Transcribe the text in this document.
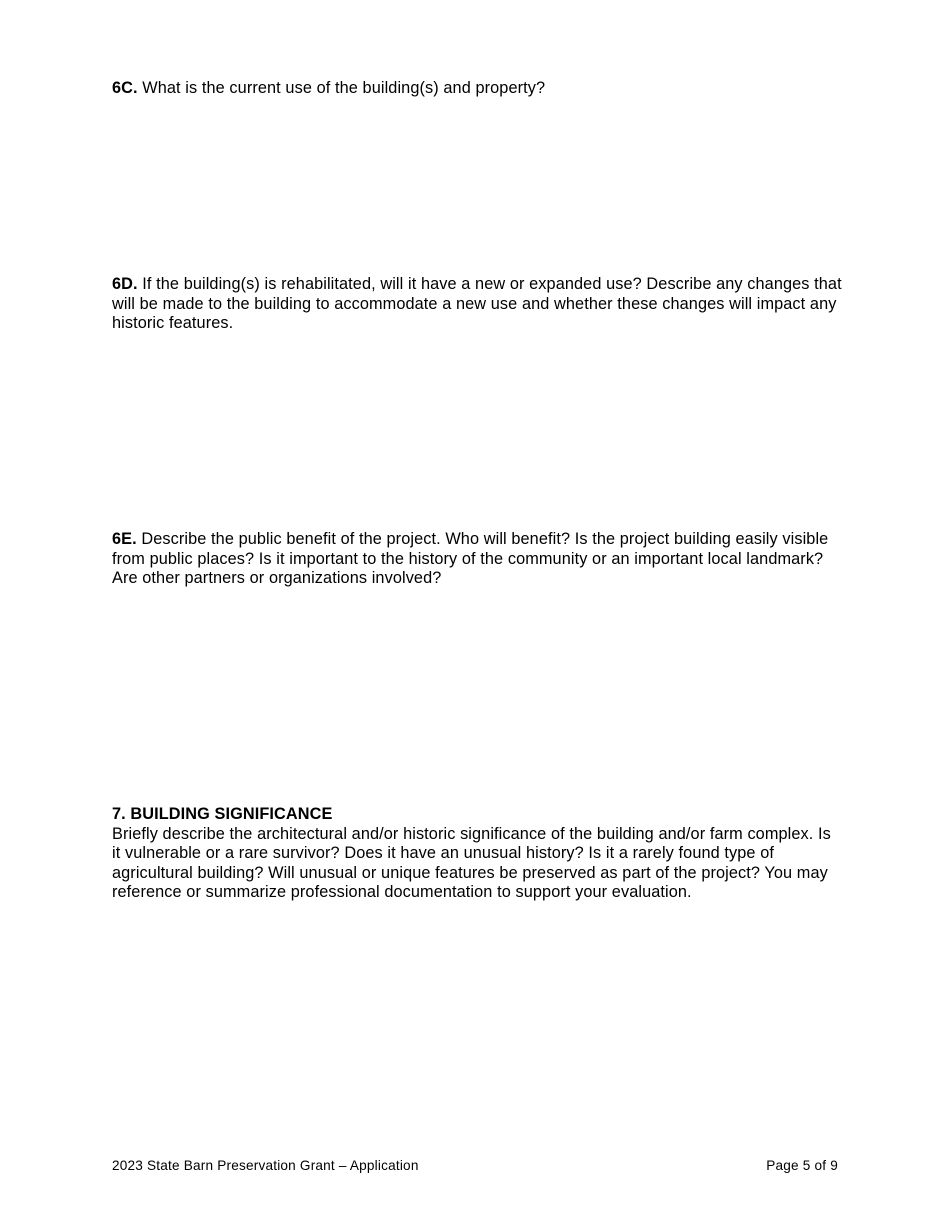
6C. What is the current use of the building(s) and property?
6D. If the building(s) is rehabilitated, will it have a new or expanded use? Describe any changes that will be made to the building to accommodate a new use and whether these changes will impact any historic features.
6E. Describe the public benefit of the project. Who will benefit? Is the project building easily visible from public places? Is it important to the history of the community or an important local landmark? Are other partners or organizations involved?
7. BUILDING SIGNIFICANCE
Briefly describe the architectural and/or historic significance of the building and/or farm complex. Is it vulnerable or a rare survivor? Does it have an unusual history? Is it a rarely found type of agricultural building? Will unusual or unique features be preserved as part of the project? You may reference or summarize professional documentation to support your evaluation.
2023 State Barn Preservation Grant – Application	Page 5 of 9
